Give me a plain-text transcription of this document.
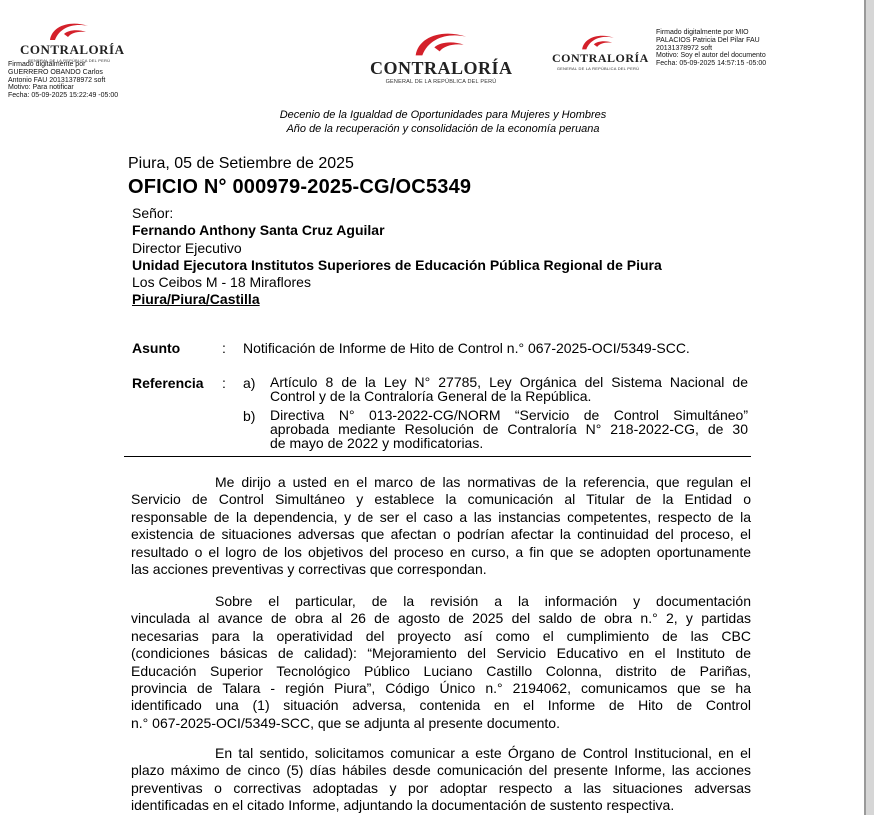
CONTRALORÍA
GENERAL DE LA REPÚBLICA DEL PERÚ
Firmado digitalmente por
GUERRERO OBANDO Carlos
Antonio FAU 20131378972 soft
Motivo: Para notificar
Fecha: 05-09-2025 15:22:49 -05:00
CONTRALORÍA
GENERAL DE LA REPÚBLICA DEL PERÚ
CONTRALORÍA
GENERAL DE LA REPÚBLICA DEL PERÚ
Firmado digitalmente por MIO
PALACIOS Patricia Del Pilar FAU
20131378972 soft
Motivo: Soy el autor del documento
Fecha: 05-09-2025 14:57:15 -05:00
Decenio de la Igualdad de Oportunidades para Mujeres y Hombres
Año de la recuperación y consolidación de la economía peruana
Piura, 05 de Setiembre de 2025
OFICIO N° 000979-2025-CG/OC5349
Señor:
Fernando Anthony Santa Cruz Aguilar
Director Ejecutivo
Unidad Ejecutora Institutos Superiores de Educación Pública Regional de Piura
Los Ceibos M - 18 Miraflores
Piura/Piura/Castilla
Asunto	: Notificación de Informe de Hito de Control n.° 067-2025-OCI/5349-SCC.
Referencia : a) Artículo 8 de la Ley N° 27785, Ley Orgánica del Sistema Nacional de
Control y de la Contraloría General de la República.
b) Directiva N° 013-2022-CG/NORM “Servicio de Control Simultáneo”
aprobada mediante Resolución de Contraloría N° 218-2022-CG, de 30
de mayo de 2022 y modificatorias.
Me dirijo a usted en el marco de las normativas de la referencia, que regulan el
Servicio de Control Simultáneo y establece la comunicación al Titular de la Entidad o
responsable de la dependencia, y de ser el caso a las instancias competentes, respecto de la
existencia de situaciones adversas que afectan o podrían afectar la continuidad del proceso, el
resultado o el logro de los objetivos del proceso en curso, a fin que se adopten oportunamente
las acciones preventivas y correctivas que correspondan.
Sobre el particular, de la revisión a la información y documentación
vinculada al avance de obra al 26 de agosto de 2025 del saldo de obra n.° 2, y partidas
necesarias para la operatividad del proyecto así como el cumplimiento de las CBC
(condiciones básicas de calidad): “Mejoramiento del Servicio Educativo en el Instituto de
Educación Superior Tecnológico Público Luciano Castillo Colonna, distrito de Pariñas,
provincia de Talara - región Piura”, Código Único n.° 2194062, comunicamos que se ha
identificado una (1) situación adversa, contenida en el Informe de Hito de Control
n.° 067-2025-OCI/5349-SCC, que se adjunta al presente documento.
En tal sentido, solicitamos comunicar a este Órgano de Control Institucional, en el
plazo máximo de cinco (5) días hábiles desde comunicación del presente Informe, las acciones
preventivas o correctivas adoptadas y por adoptar respecto a las situaciones adversas
identificadas en el citado Informe, adjuntando la documentación de sustento respectiva.
